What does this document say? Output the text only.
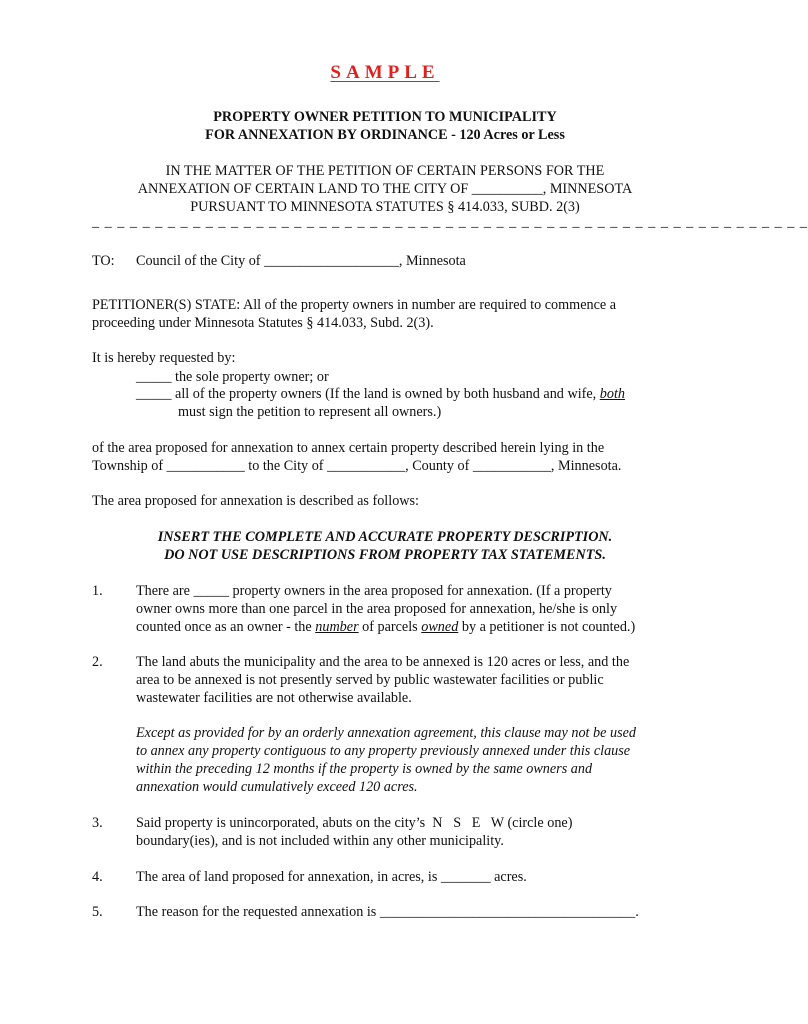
SAMPLE
PROPERTY OWNER PETITION TO MUNICIPALITY
FOR ANNEXATION BY ORDINANCE - 120 Acres or Less
IN THE MATTER OF THE PETITION OF CERTAIN PERSONS FOR THE
ANNEXATION OF CERTAIN LAND TO THE CITY OF __________, MINNESOTA
PURSUANT TO MINNESOTA STATUTES § 414.033, SUBD. 2(3)
_ _ _ _ _ _ _ _ _ _ _ _ _ _ _ _ _ _ _ _ _ _ _ _ _ _ _ _ _ _ _ _ _ _ _ _ _ _ _ _ _ _ _ _ _ _ _ _ _ _ _ _ _ _ _ _ _
TO: Council of the City of ___________________, Minnesota
PETITIONER(S) STATE: All of the property owners in number are required to commence a
proceeding under Minnesota Statutes § 414.033, Subd. 2(3).
It is hereby requested by:
_____ the sole property owner; or
_____ all of the property owners (If the land is owned by both husband and wife, both
must sign the petition to represent all owners.)
of the area proposed for annexation to annex certain property described herein lying in the
Township of ___________ to the City of ___________, County of ___________, Minnesota.
The area proposed for annexation is described as follows:
INSERT THE COMPLETE AND ACCURATE PROPERTY DESCRIPTION.
DO NOT USE DESCRIPTIONS FROM PROPERTY TAX STATEMENTS.
1. There are _____ property owners in the area proposed for annexation. (If a property
owner owns more than one parcel in the area proposed for annexation, he/she is only
counted once as an owner - the number of parcels owned by a petitioner is not counted.)
2. The land abuts the municipality and the area to be annexed is 120 acres or less, and the
area to be annexed is not presently served by public wastewater facilities or public
wastewater facilities are not otherwise available.
Except as provided for by an orderly annexation agreement, this clause may not be used
to annex any property contiguous to any property previously annexed under this clause
within the preceding 12 months if the property is owned by the same owners and
annexation would cumulatively exceed 120 acres.
3. Said property is unincorporated, abuts on the city’s  N   S   E   W (circle one)
boundary(ies), and is not included within any other municipality.
4. The area of land proposed for annexation, in acres, is _______ acres.
5. The reason for the requested annexation is ____________________________________.
